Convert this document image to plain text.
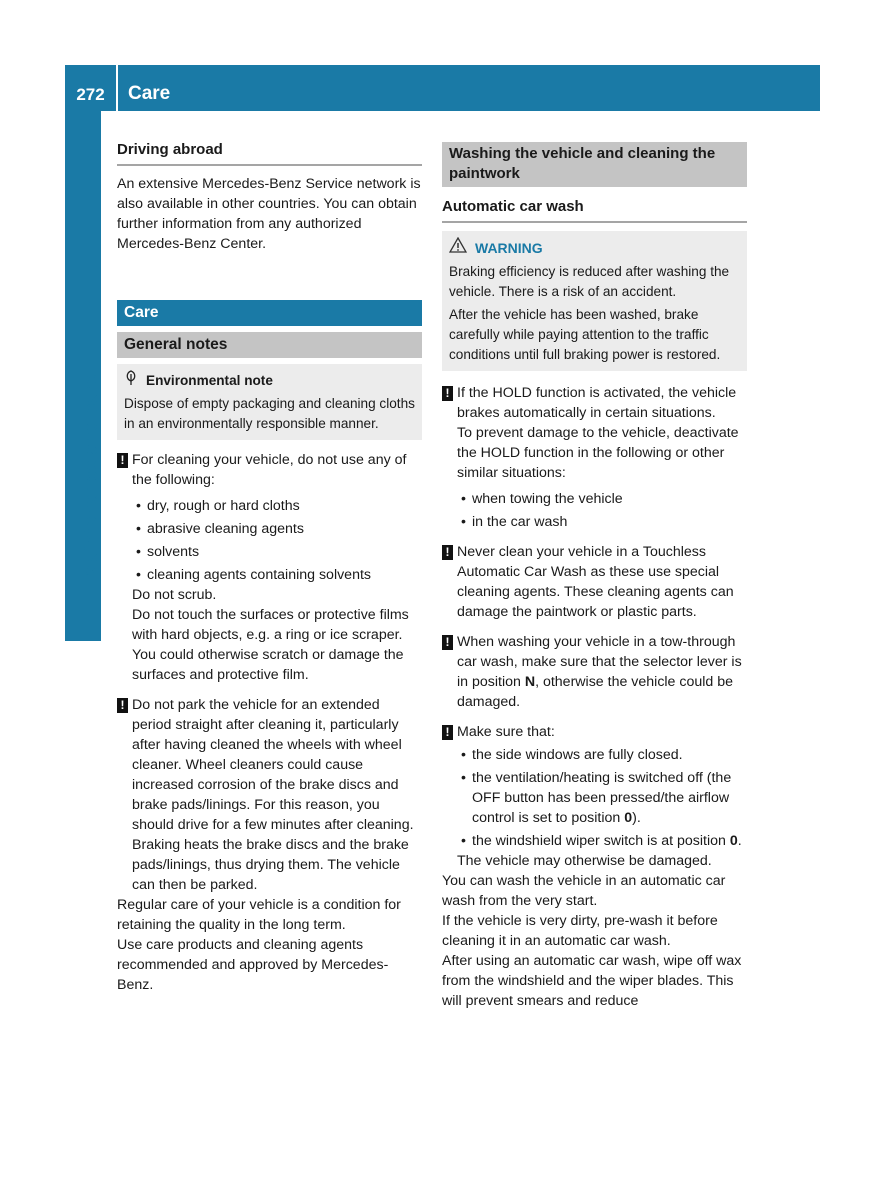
272	Care
Maintenance and care
Driving abroad

An extensive Mercedes-Benz Service network is also available in other countries. You can obtain further information from any authorized Mercedes-Benz Center.

Care
General notes
Environmental note
Dispose of empty packaging and cleaning cloths in an environmentally responsible manner.
! For cleaning your vehicle, do not use any of the following:

• dry, rough or hard cloths
• abrasive cleaning agents
• solvents
• cleaning agents containing solvents

Do not scrub.

Do not touch the surfaces or protective films with hard objects, e.g. a ring or ice scraper. You could otherwise scratch or damage the surfaces and protective film.

! Do not park the vehicle for an extended period straight after cleaning it, particularly after having cleaned the wheels with wheel cleaner. Wheel cleaners could cause increased corrosion of the brake discs and brake pads/linings. For this reason, you should drive for a few minutes after cleaning. Braking heats the brake discs and the brake pads/linings, thus drying them. The vehicle can then be parked.

Regular care of your vehicle is a condition for retaining the quality in the long term.

Use care products and cleaning agents recommended and approved by Mercedes-Benz.

Washing the vehicle and cleaning the paintwork
Automatic car wash
WARNING
Braking efficiency is reduced after washing the vehicle. There is a risk of an accident.
After the vehicle has been washed, brake carefully while paying attention to the traffic conditions until full braking power is restored.
! If the HOLD function is activated, the vehicle brakes automatically in certain situations.

To prevent damage to the vehicle, deactivate the HOLD function in the following or other similar situations:

• when towing the vehicle
• in the car wash
! Never clean your vehicle in a Touchless Automatic Car Wash as these use special cleaning agents. These cleaning agents can damage the paintwork or plastic parts.

! When washing your vehicle in a tow-through car wash, make sure that the selector lever is in position N, otherwise the vehicle could be damaged.

! Make sure that:

• the side windows are fully closed.
• the ventilation/heating is switched off (the OFF button has been pressed/the airflow control is set to position 0).
• the windshield wiper switch is at position 0.

The vehicle may otherwise be damaged.

You can wash the vehicle in an automatic car wash from the very start.

If the vehicle is very dirty, pre-wash it before cleaning it in an automatic car wash.

After using an automatic car wash, wipe off wax from the windshield and the wiper blades. This will prevent smears and reduce
